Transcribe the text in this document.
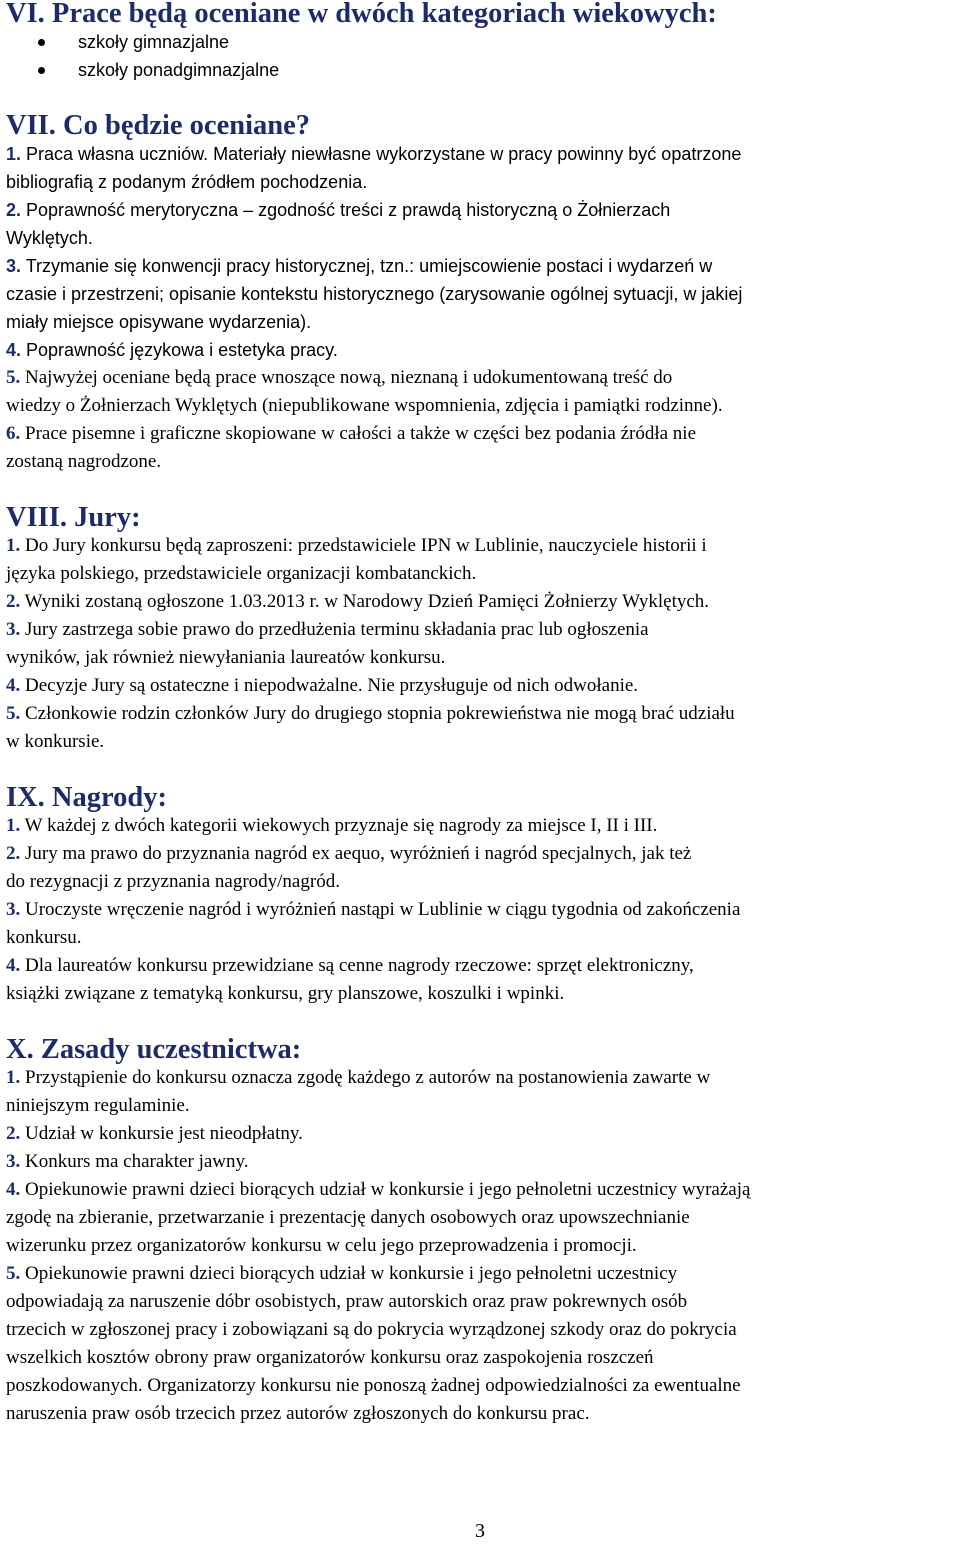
VI. Prace będą oceniane w dwóch kategoriach wiekowych:
szkoły gimnazjalne
szkoły ponadgimnazjalne
VII. Co będzie oceniane?

1. Praca własna uczniów. Materiały niewłasne wykorzystane w pracy powinny być opatrzone
bibliografią z podanym źródłem pochodzenia.

2. Poprawność merytoryczna – zgodność treści z prawdą historyczną o Żołnierzach
Wyklętych.

3. Trzymanie się konwencji pracy historycznej, tzn.: umiejscowienie postaci i wydarzeń w
czasie i przestrzeni; opisanie kontekstu historycznego (zarysowanie ogólnej sytuacji, w jakiej
miały miejsce opisywane wydarzenia).

4. Poprawność językowa i estetyka pracy.

5. Najwyżej oceniane będą prace wnoszące nową, nieznaną i udokumentowaną treść do
wiedzy o Żołnierzach Wyklętych (niepublikowane wspomnienia, zdjęcia i pamiątki rodzinne).

6. Prace pisemne i graficzne skopiowane w całości a także w części bez podania źródła nie
zostaną nagrodzone.

VIII. Jury:

1. Do Jury konkursu będą zaproszeni: przedstawiciele IPN w Lublinie, nauczyciele historii i
języka polskiego, przedstawiciele organizacji kombatanckich.

2. Wyniki zostaną ogłoszone 1.03.2013 r. w Narodowy Dzień Pamięci Żołnierzy Wyklętych.

3. Jury zastrzega sobie prawo do przedłużenia terminu składania prac lub ogłoszenia
wyników, jak również niewyłaniania laureatów konkursu.

4. Decyzje Jury są ostateczne i niepodważalne. Nie przysługuje od nich odwołanie.

5. Członkowie rodzin członków Jury do drugiego stopnia pokrewieństwa nie mogą brać udziału
w konkursie.

IX. Nagrody:

1. W każdej z dwóch kategorii wiekowych przyznaje się nagrody za miejsce I, II i III.

2. Jury ma prawo do przyznania nagród ex aequo, wyróżnień i nagród specjalnych, jak też
do rezygnacji z przyznania nagrody/nagród.

3. Uroczyste wręczenie nagród i wyróżnień nastąpi w Lublinie w ciągu tygodnia od zakończenia
konkursu.

4. Dla laureatów konkursu przewidziane są cenne nagrody rzeczowe: sprzęt elektroniczny,
książki związane z tematyką konkursu, gry planszowe, koszulki i wpinki.

X. Zasady uczestnictwa:

1. Przystąpienie do konkursu oznacza zgodę każdego z autorów na postanowienia zawarte w
niniejszym regulaminie.

2. Udział w konkursie jest nieodpłatny.

3. Konkurs ma charakter jawny.

4. Opiekunowie prawni dzieci biorących udział w konkursie i jego pełnoletni uczestnicy wyrażają
zgodę na zbieranie, przetwarzanie i prezentację danych osobowych oraz upowszechnianie
wizerunku przez organizatorów konkursu w celu jego przeprowadzenia i promocji.

5. Opiekunowie prawni dzieci biorących udział w konkursie i jego pełnoletni uczestnicy
odpowiadają za naruszenie dóbr osobistych, praw autorskich oraz praw pokrewnych osób
trzecich w zgłoszonej pracy i zobowiązani są do pokrycia wyrządzonej szkody oraz do pokrycia
wszelkich kosztów obrony praw organizatorów konkursu oraz zaspokojenia roszczeń
poszkodowanych. Organizatorzy konkursu nie ponoszą żadnej odpowiedzialności za ewentualne
naruszenia praw osób trzecich przez autorów zgłoszonych do konkursu prac.

3
